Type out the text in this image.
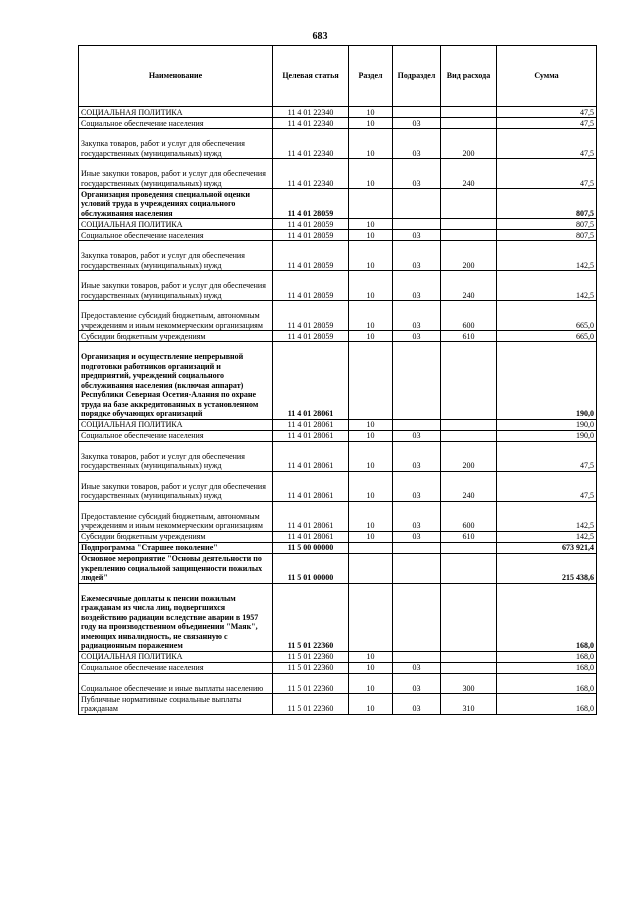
683
Наименование	Целевая статья	Раздел	Подраздел	Вид расхода	Сумма
СОЦИАЛЬНАЯ ПОЛИТИКА	11 4 01 22340	10			47,5
Социальное обеспечение населения	11 4 01 22340	10	03		47,5
Закупка товаров, работ и услуг для обеспечения государственных (муниципальных) нужд	11 4 01 22340	10	03	200	47,5
Иные закупки товаров, работ и услуг для обеспечения государственных (муниципальных) нужд	11 4 01 22340	10	03	240	47,5
Организация проведения специальной оценки условий труда в учреждениях социального обслуживания населения	11 4 01 28059				807,5
СОЦИАЛЬНАЯ ПОЛИТИКА	11 4 01 28059	10			807,5
Социальное обеспечение населения	11 4 01 28059	10	03		807,5
Закупка товаров, работ и услуг для обеспечения государственных (муниципальных) нужд	11 4 01 28059	10	03	200	142,5
Иные закупки товаров, работ и услуг для обеспечения государственных (муниципальных) нужд	11 4 01 28059	10	03	240	142,5
Предоставление субсидий бюджетным, автономным учреждениям и иным некоммерческим организациям	11 4 01 28059	10	03	600	665,0
Субсидии бюджетным учреждениям	11 4 01 28059	10	03	610	665,0
Организация и осуществление непрерывной подготовки работников организаций и предприятий, учреждений социального обслуживания населения (включая аппарат) Республики Северная Осетия-Алания по охране труда на базе аккредитованных в установленном порядке обучающих организаций	11 4 01 28061				190,0
СОЦИАЛЬНАЯ ПОЛИТИКА	11 4 01 28061	10			190,0
Социальное обеспечение населения	11 4 01 28061	10	03		190,0
Закупка товаров, работ и услуг для обеспечения государственных (муниципальных) нужд	11 4 01 28061	10	03	200	47,5
Иные закупки товаров, работ и услуг для обеспечения государственных (муниципальных) нужд	11 4 01 28061	10	03	240	47,5
Предоставление субсидий бюджетным, автономным учреждениям и иным некоммерческим организациям	11 4 01 28061	10	03	600	142,5
Субсидии бюджетным учреждениям	11 4 01 28061	10	03	610	142,5
Подпрограмма "Старшее поколение"	11 5 00 00000				673 921,4
Основное мероприятие "Основы деятельности по укреплению социальной защищенности пожилых людей"	11 5 01 00000				215 438,6
Ежемесячные доплаты к пенсии пожилым гражданам из числа лиц, подвергшихся воздействию радиации вследствие аварии в 1957 году на производственном объединении "Маяк", имеющих инвалидность, не связанную с радиационным поражением	11 5 01 22360				168,0
СОЦИАЛЬНАЯ ПОЛИТИКА	11 5 01 22360	10			168,0
Социальное обеспечение населения	11 5 01 22360	10	03		168,0
Социальное обеспечение и иные выплаты населению	11 5 01 22360	10	03	300	168,0
Публичные нормативные социальные выплаты гражданам	11 5 01 22360	10	03	310	168,0
